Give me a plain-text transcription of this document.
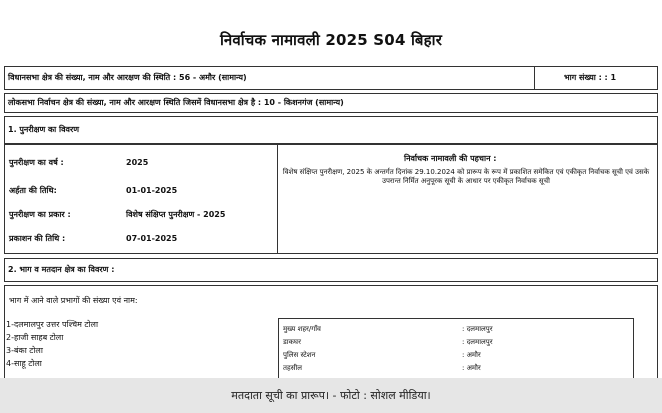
निर्वाचक नामावली 2025 S04 बिहार
विधानसभा क्षेत्र की संख्या, नाम और आरक्षण की स्थिति : 56 - अमौर (सामान्य)	भाग संख्या : : 1
लोकसभा निर्वाचन क्षेत्र की संख्या, नाम और आरक्षण स्थिति जिसमें विधानसभा क्षेत्र है : 10 - किशनगंज (सामान्य)
1. पुनरीक्षण का विवरण
पुनरीक्षण का वर्ष :	2025
अर्हता की तिथि:	01-01-2025
पुनरीक्षण का प्रकार :	विशेष संक्षिप्त पुनरीक्षण - 2025
प्रकाशन की तिथि :	07-01-2025
निर्वाचक नामावली की पहचान :
विशेष संक्षिप्त पुनरीक्षण, 2025 के अन्तर्गत दिनांक 29.10.2024 को प्रारूप के रूप में प्रकाशित समेकित एवं एकीकृत निर्वाचक सूची एवं उसके उपरान्त निर्मित अनुपूरक सूची के आधार पर एकीकृत निर्वाचक सूची
2. भाग व मतदान क्षेत्र का विवरण :
भाग में आने वाले प्रभागों की संख्या एवं नाम:
1-दलमालपुर उत्तर पश्चिम टोला
2-हाजी साहब टोला
3-बंका टोला
4-साहू टोला
मुख्य शहर/गाँव	: दलमालपुर
डाकघर	: दलमालपुर
पुलिस स्टेशन	: अमौर
तहसील	: अमौर
मतदाता सूची का प्रारूप। - फोटो : सोशल मीडिया।
